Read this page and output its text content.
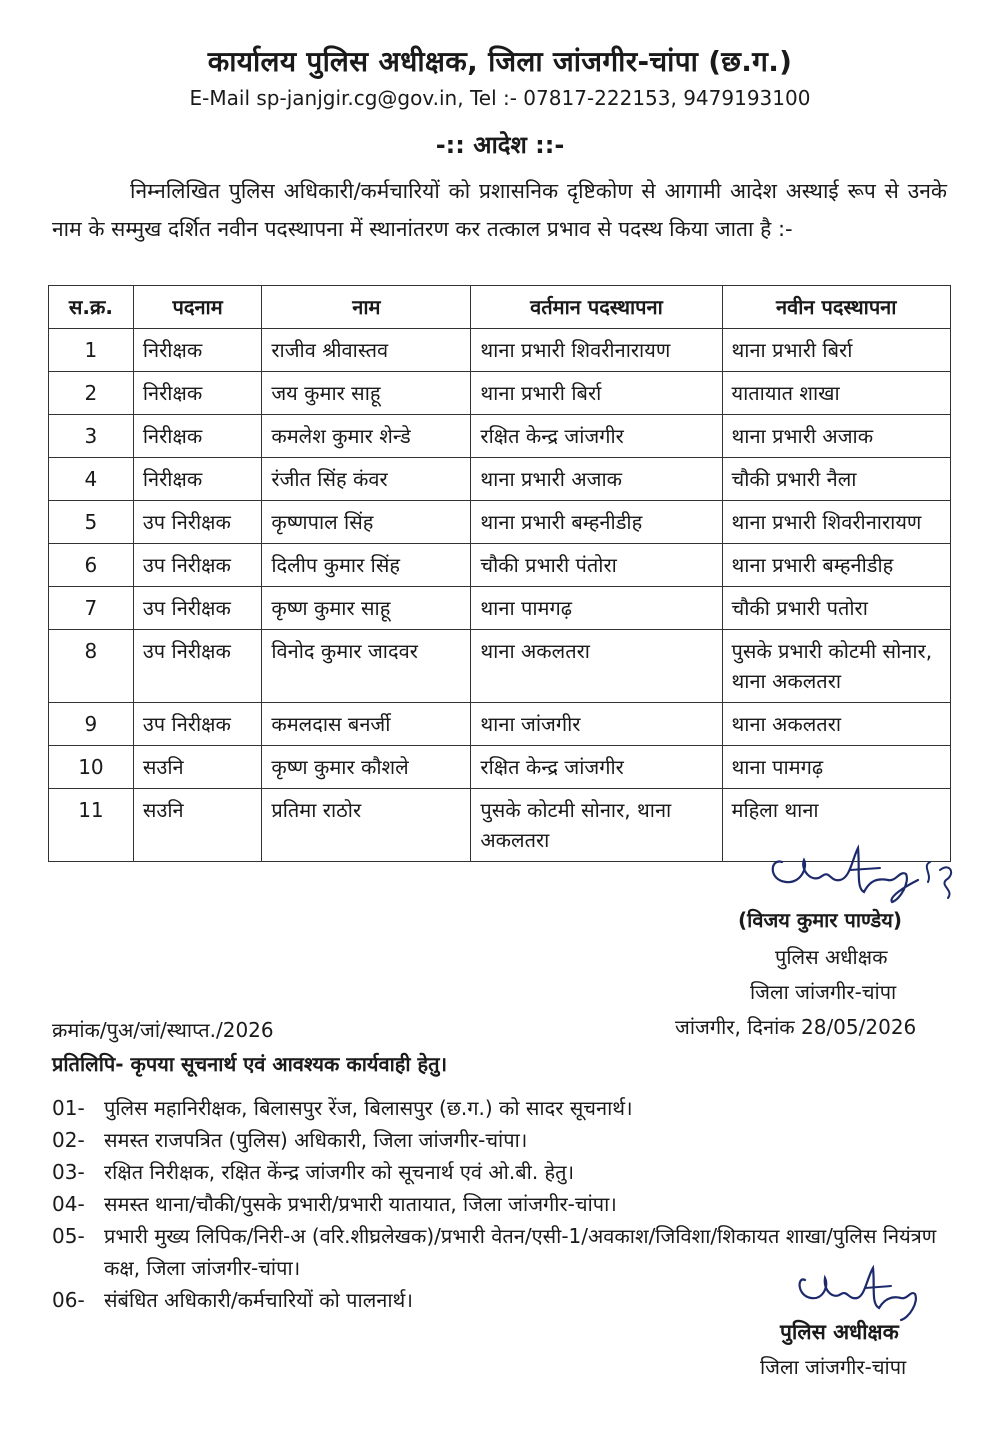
कार्यालय पुलिस अधीक्षक, जिला जांजगीर-चांपा (छ.ग.)
E-Mail sp-janjgir.cg@gov.in, Tel :- 07817-222153, 9479193100
-:: आदेश ::-
निम्नलिखित पुलिस अधिकारी/कर्मचारियों को प्रशासनिक दृष्टिकोण से आगामी आदेश अस्थाई रूप से उनके नाम के सम्मुख दर्शित नवीन पदस्थापना में स्थानांतरण कर तत्काल प्रभाव से पदस्थ किया जाता है :-
स.क्र.	पदनाम	नाम	वर्तमान पदस्थापना	नवीन पदस्थापना
1	निरीक्षक	राजीव श्रीवास्तव	थाना प्रभारी शिवरीनारायण	थाना प्रभारी बिर्रा
2	निरीक्षक	जय कुमार साहू	थाना प्रभारी बिर्रा	यातायात शाखा
3	निरीक्षक	कमलेश कुमार शेन्डे	रक्षित केन्द्र जांजगीर	थाना प्रभारी अजाक
4	निरीक्षक	रंजीत सिंह कंवर	थाना प्रभारी अजाक	चौकी प्रभारी नैला
5	उप निरीक्षक	कृष्णपाल सिंह	थाना प्रभारी बम्हनीडीह	थाना प्रभारी शिवरीनारायण
6	उप निरीक्षक	दिलीप कुमार सिंह	चौकी प्रभारी पंतोरा	थाना प्रभारी बम्हनीडीह
7	उप निरीक्षक	कृष्ण कुमार साहू	थाना पामगढ़	चौकी प्रभारी पतोरा
8	उप निरीक्षक	विनोद कुमार जादवर	थाना अकलतरा	पुसके प्रभारी कोटमी सोनार, थाना अकलतरा
9	उप निरीक्षक	कमलदास बनर्जी	थाना जांजगीर	थाना अकलतरा
10	सउनि	कृष्ण कुमार कौशले	रक्षित केन्द्र जांजगीर	थाना पामगढ़
11	सउनि	प्रतिमा राठोर	पुसके कोटमी सोनार, थाना अकलतरा	महिला थाना
(विजय कुमार पाण्डेय)
पुलिस अधीक्षक
जिला जांजगीर-चांपा
क्रमांक/पुअ/जां/स्थाप्त./2026	जांजगीर, दिनांक 28/05/2026
प्रतिलिपि- कृपया सूचनार्थ एवं आवश्यक कार्यवाही हेतु।
01- पुलिस महानिरीक्षक, बिलासपुर रेंज, बिलासपुर (छ.ग.) को सादर सूचनार्थ।
02- समस्त राजपत्रित (पुलिस) अधिकारी, जिला जांजगीर-चांपा।
03- रक्षित निरीक्षक, रक्षित केंन्द्र जांजगीर को सूचनार्थ एवं ओ.बी. हेतु।
04- समस्त थाना/चौकी/पुसके प्रभारी/प्रभारी यातायात, जिला जांजगीर-चांपा।
05- प्रभारी मुख्य लिपिक/निरी-अ (वरि.शीघ्रलेखक)/प्रभारी वेतन/एसी-1/अवकाश/जिविशा/शिकायत शाखा/पुलिस नियंत्रण कक्ष, जिला जांजगीर-चांपा।
06- संबंधित अधिकारी/कर्मचारियों को पालनार्थ।
पुलिस अधीक्षक
जिला जांजगीर-चांपा
